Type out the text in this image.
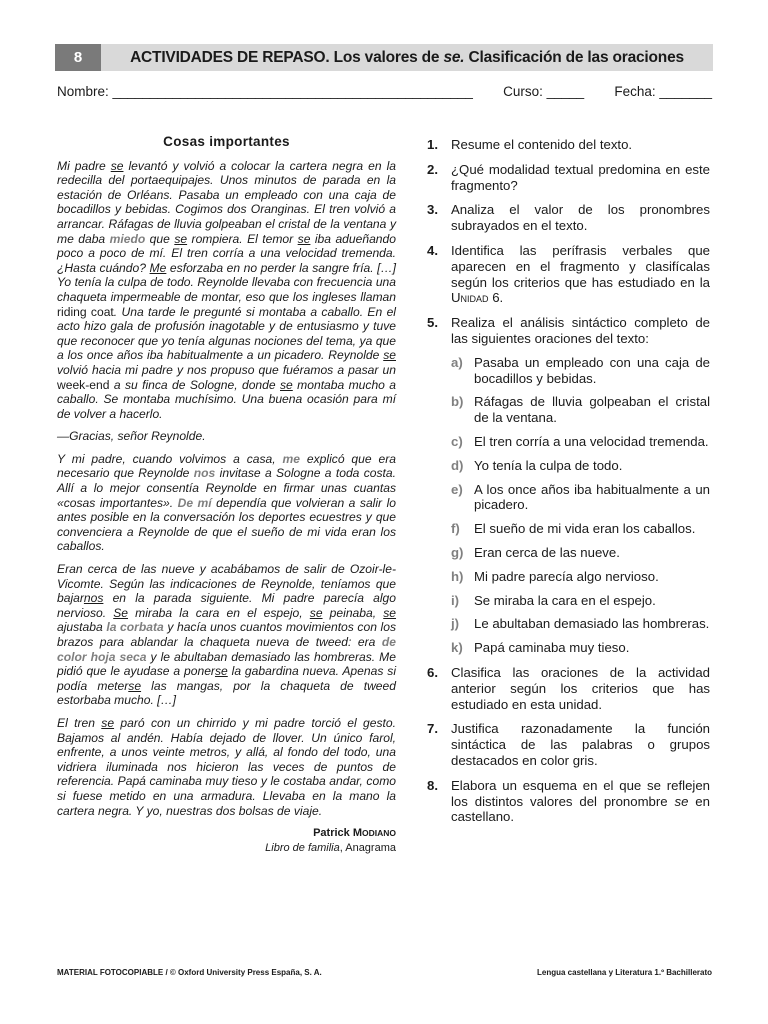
8	ACTIVIDADES DE REPASO. Los valores de se. Clasificación de las oraciones
Nombre: ________________________________________________ Curso: _____ Fecha: _______
Cosas importantes

Mi padre se levantó y volvió a colocar la cartera negra en la redecilla del portaequipajes. Unos minutos de parada en la estación de Orléans. Pasaba un empleado con una caja de bocadillos y bebidas. Cogimos dos Oranginas. El tren volvió a arrancar. Ráfagas de lluvia golpeaban el cristal de la ventana y me daba miedo que se rompiera. El temor se iba adueñando poco a poco de mí. El tren corría a una velocidad tremenda. ¿Hasta cuándo? Me esforzaba en no perder la sangre fría. […] Yo tenía la culpa de todo. Reynolde llevaba con frecuencia una chaqueta impermeable de montar, eso que los ingleses llaman riding coat. Una tarde le pregunté si montaba a caballo. En el acto hizo gala de profusión inagotable y de entusiasmo y tuve que reconocer que yo tenía algunas nociones del tema, ya que a los once años iba habitualmente a un picadero. Reynolde se volvió hacia mi padre y nos propuso que fuéramos a pasar un week-end a su finca de Sologne, donde se montaba mucho a caballo. Se montaba muchísimo. Una buena ocasión para mí de volver a hacerlo.

—Gracias, señor Reynolde.

Y mi padre, cuando volvimos a casa, me explicó que era necesario que Reynolde nos invitase a Sologne a toda costa. Allí a lo mejor consentía Reynolde en firmar unas cuantas «cosas importantes». De mí dependía que volvieran a salir lo antes posible en la conversación los deportes ecuestres y que convenciera a Reynolde de que el sueño de mi vida eran los caballos.

Eran cerca de las nueve y acabábamos de salir de Ozoir-le-Vicomte. Según las indicaciones de Reynolde, teníamos que bajarnos en la parada siguiente. Mi padre parecía algo nervioso. Se miraba la cara en el espejo, se peinaba, se ajustaba la corbata y hacía unos cuantos movimientos con los brazos para ablandar la chaqueta nueva de tweed: era de color hoja seca y le abultaban demasiado las hombreras. Me pidió que le ayudase a ponerse la gabardina nueva. Apenas si podía meterse las mangas, por la chaqueta de tweed estorbaba mucho. […]

El tren se paró con un chirrido y mi padre torció el gesto. Bajamos al andén. Había dejado de llover. Un único farol, enfrente, a unos veinte metros, y allá, al fondo del todo, una vidriera iluminada nos hicieron las veces de puntos de referencia. Papá caminaba muy tieso y le costaba andar, como si fuese metido en una armadura. Llevaba en la mano la cartera negra. Y yo, nuestras dos bolsas de viaje.

Patrick MODIANO
Libro de familia, Anagrama
1. Resume el contenido del texto.
2. ¿Qué modalidad textual predomina en este fragmento?
3. Analiza el valor de los pronombres subrayados en el texto.
4. Identifica las perífrasis verbales que aparecen en el fragmento y clasifícalas según los criterios que has estudiado en la Unidad 6.
5. Realiza el análisis sintáctico completo de las siguientes oraciones del texto:
a) Pasaba un empleado con una caja de bocadillos y bebidas.
b) Ráfagas de lluvia golpeaban el cristal de la ventana.
c) El tren corría a una velocidad tremenda.
d) Yo tenía la culpa de todo.
e) A los once años iba habitualmente a un picadero.
f)	El sueño de mi vida eran los caballos.
g) Eran cerca de las nueve.
h) Mi padre parecía algo nervioso.
i)	Se miraba la cara en el espejo.
j)	Le abultaban demasiado las hombreras.
k) Papá caminaba muy tieso.
6. Clasifica las oraciones de la actividad anterior según los criterios que has estudiado en esta unidad.
7. Justifica razonadamente la función sintáctica de las palabras o grupos destacados en color gris.
8. Elabora un esquema en el que se reflejen los distintos valores del pronombre se en castellano.
MATERIAL FOTOCOPIABLE / © Oxford University Press España, S. A.	Lengua castellana y Literatura 1.º Bachillerato
